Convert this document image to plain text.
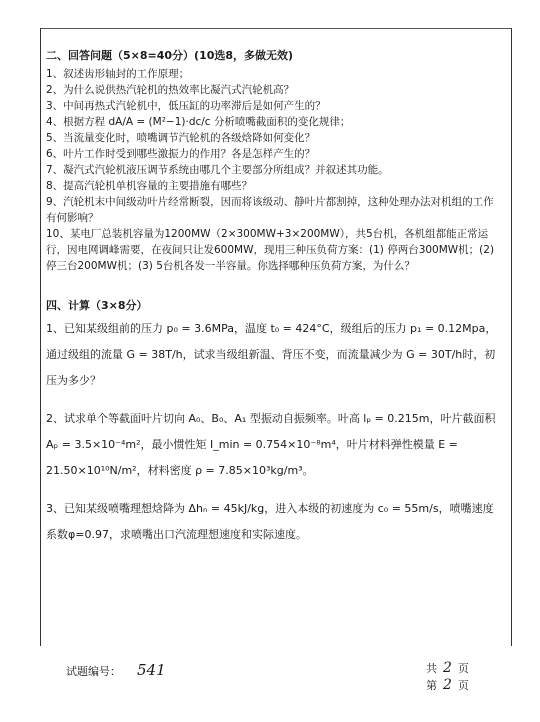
二、回答问题（5×8=40分）(10选8，多做无效)
1、叙述齿形轴封的工作原理；
2、为什么说供热汽轮机的热效率比凝汽式汽轮机高？
3、中间再热式汽轮机中，低压缸的功率滞后是如何产生的？
4、根据方程 dA/A = (M²−1)·dc/c 分析喷嘴截面积的变化规律；
5、当流量变化时，喷嘴调节汽轮机的各级焓降如何变化？
6、叶片工作时受到哪些激振力的作用？各是怎样产生的？
7、凝汽式汽轮机液压调节系统由哪几个主要部分所组成？并叙述其功能。
8、提高汽轮机单机容量的主要措施有哪些？
9、汽轮机末中间级动叶片经常断裂，因而将该级动、静叶片都割掉，这种处理办法对机组的工作有何影响？
10、某电厂总装机容量为1200MW（2×300MW+3×200MW），共5台机，各机组都能正常运行，因电网调峰需要，在夜间只让发600MW，现用三种压负荷方案：(1) 停两台300MW机；(2) 停三台200MW机；(3) 5台机各发一半容量。你选择哪种压负荷方案，为什么？
四、计算（3×8分）
1、已知某级组前的压力 p₀ = 3.6MPa，温度 t₀ = 424°C，级组后的压力 p₁ = 0.12Mpa，通过级组的流量 G = 38T/h，试求当级组新温、背压不变，而流量减少为 G = 30T/h时，初压为多少？
2、试求单个等截面叶片切向 A₀、B₀、A₁ 型振动自振频率。叶高 lₚ = 0.215m，叶片截面积 Aₚ = 3.5×10⁻⁴m²，最小惯性矩 I_min = 0.754×10⁻⁸m⁴，叶片材料弹性模量 E = 21.50×10¹⁰N/m²，材料密度 ρ = 7.85×10³kg/m³。
3、已知某级喷嘴理想焓降为 Δhₙ = 45kJ/kg，进入本级的初速度为 c₀ = 55m/s，喷嘴速度系数φ=0.97，求喷嘴出口汽流理想速度和实际速度。
试题编号： 541	共 2 页
第 2 页
